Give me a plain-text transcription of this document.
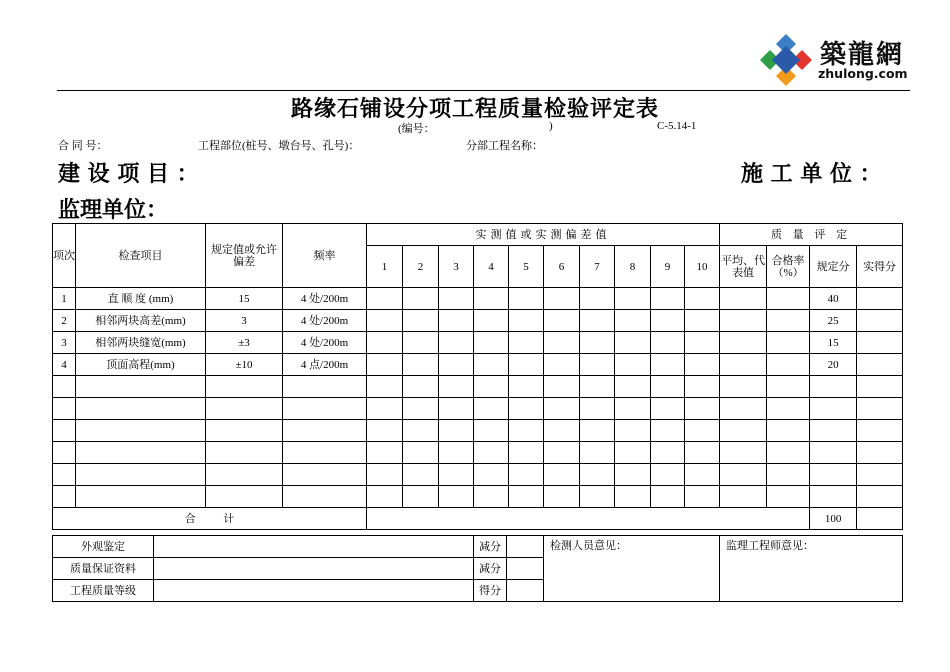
築龍網
zhulong.com
路缘石铺设分项工程质量检验评定表
(编号：	)	C-5.14-1
合 同 号：	工程部位(桩号、墩台号、孔号)：	分部工程名称：
建 设 项 目 ：	施 工 单 位 ：
监理单位：
项次	检查项目	规定值或允许偏差	频率	实测值或实测偏差值										质 量 评 定			
				1	2	3	4	5	6	7	8	9	10	平均、代表值	合格率（%）	规定分	实得分
1	直 顺 度 (mm)	15	4 处/200m													40	
2	相邻两块高差(mm)	3	4 处/200m													25	
3	相邻两块缝宽(mm)	±3	4 处/200m													15	
4	顶面高程(mm)	±10	4 点/200m													20	

合          计																100	
外观鉴定		减分		检测人员意见：	监理工程师意见：
质量保证资料		减分			
工程质量等级		得分			
